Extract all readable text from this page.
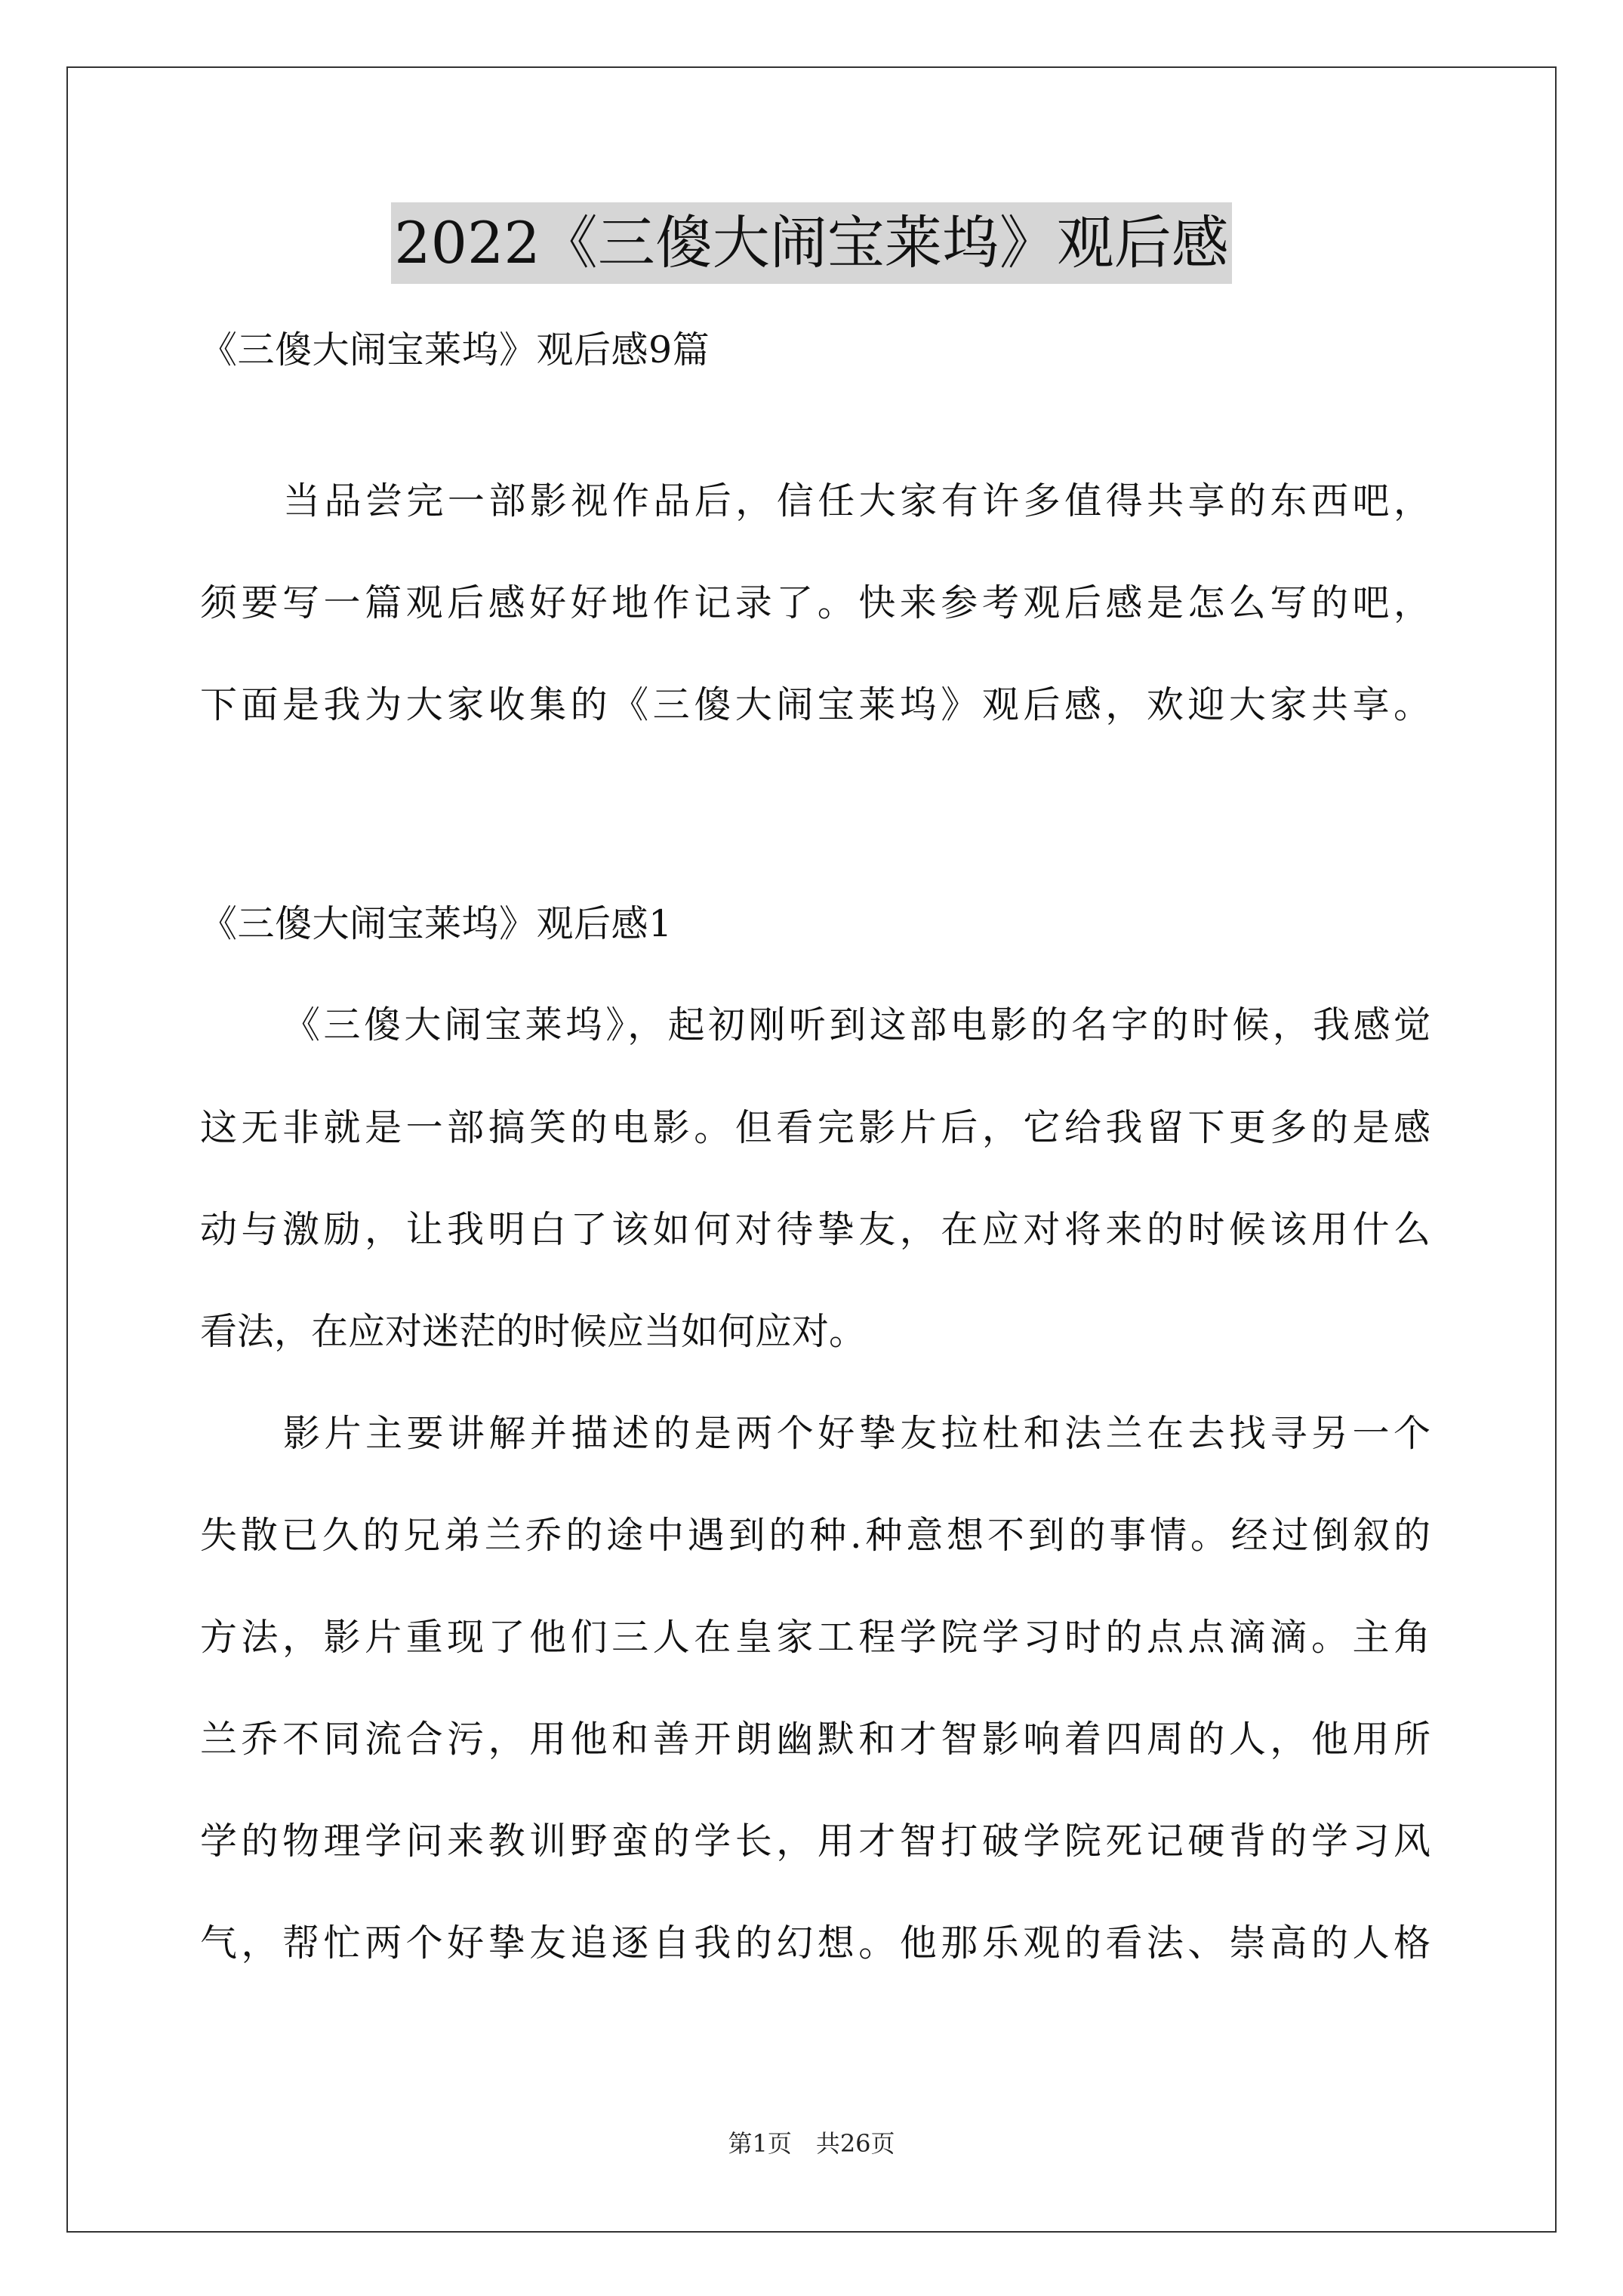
2022《三傻大闹宝莱坞》观后感
《三傻大闹宝莱坞》观后感9篇
当品尝完一部影视作品后，信任大家有许多值得共享的东西吧，
须要写一篇观后感好好地作记录了。快来参考观后感是怎么写的吧，
下面是我为大家收集的《三傻大闹宝莱坞》观后感，欢迎大家共享。
《三傻大闹宝莱坞》观后感1
《三傻大闹宝莱坞》，起初刚听到这部电影的名字的时候，我感觉
这无非就是一部搞笑的电影。但看完影片后，它给我留下更多的是感
动与激励，让我明白了该如何对待挚友，在应对将来的时候该用什么
看法，在应对迷茫的时候应当如何应对。
影片主要讲解并描述的是两个好挚友拉杜和法兰在去找寻另一个
失散已久的兄弟兰乔的途中遇到的种.种意想不到的事情。经过倒叙的
方法，影片重现了他们三人在皇家工程学院学习时的点点滴滴。主角
兰乔不同流合污，用他和善开朗幽默和才智影响着四周的人，他用所
学的物理学问来教训野蛮的学长，用才智打破学院死记硬背的学习风
气，帮忙两个好挚友追逐自我的幻想。他那乐观的看法、崇高的人格
第1页　共26页
